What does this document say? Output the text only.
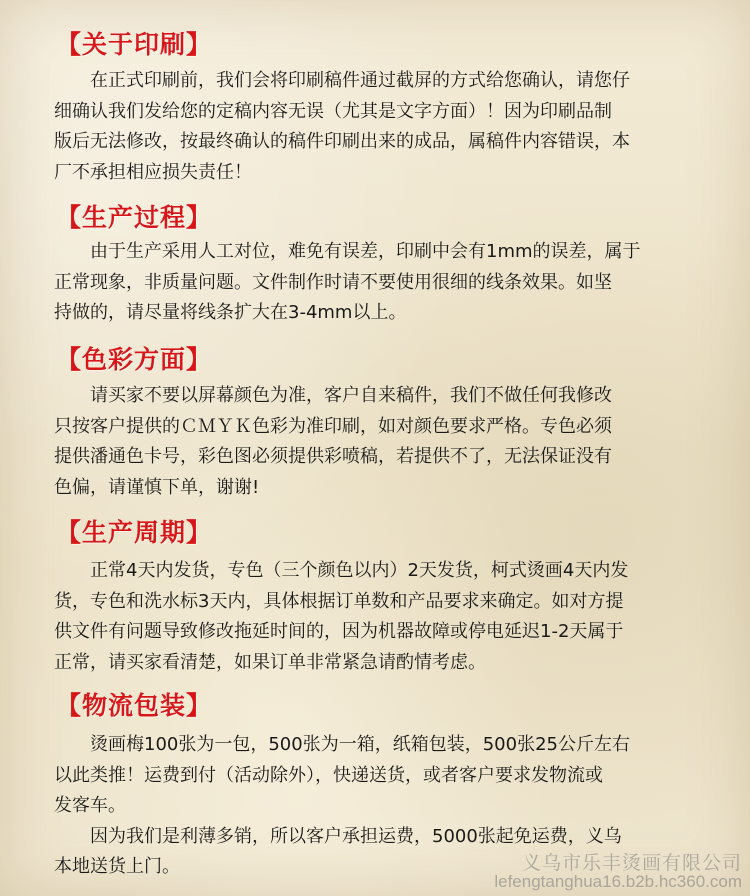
【关于印刷】
在正式印刷前，我们会将印刷稿件通过截屏的方式给您确认，请您仔
细确认我们发给您的定稿内容无误（尤其是文字方面）！因为印刷品制
版后无法修改，按最终确认的稿件印刷出来的成品，属稿件内容错误，本
厂不承担相应损失责任！
【生产过程】
由于生产采用人工对位，难免有误差，印刷中会有1mm的误差，属于
正常现象，非质量问题。文件制作时请不要使用很细的线条效果。如坚
持做的，请尽量将线条扩大在3-4mm以上。
【色彩方面】
请买家不要以屏幕颜色为准，客户自来稿件，我们不做任何我修改
只按客户提供的ＣＭＹＫ色彩为准印刷，如对颜色要求严格。专色必须
提供潘通色卡号，彩色图必须提供彩喷稿，若提供不了，无法保证没有
色偏，请谨慎下单，谢谢!
【生产周期】
正常4天内发货，专色（三个颜色以内）2天发货，柯式烫画4天内发
货，专色和洗水标3天内，具体根据订单数和产品要求来确定。如对方提
供文件有问题导致修改拖延时间的，因为机器故障或停电延迟1-2天属于
正常，请买家看清楚，如果订单非常紧急请酌情考虑。
【物流包装】
烫画梅100张为一包，500张为一箱，纸箱包装，500张25公斤左右
以此类推！运费到付（活动除外），快递送货，或者客户要求发物流或
发客车。
因为我们是利薄多销，所以客户承担运费，5000张起免运费，义乌
本地送货上门。	义乌市乐丰烫画有限公司
lefengtanghua16.b2b.hc360.com
